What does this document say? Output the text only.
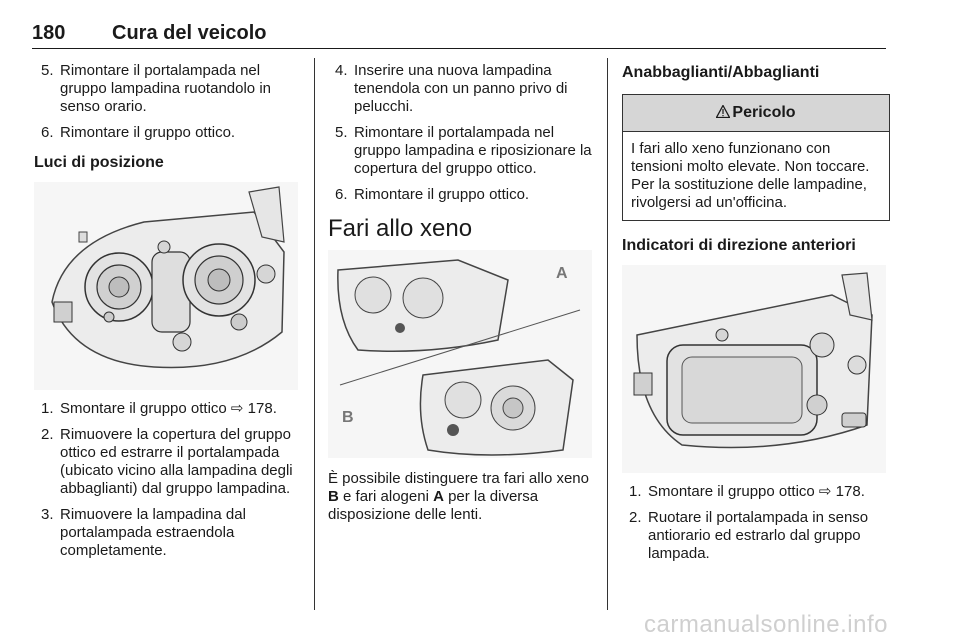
180 Cura del veicolo
5. Rimontare il portalampada nel gruppo lampadina ruotandolo in senso orario.
6. Rimontare il gruppo ottico.
Luci di posizione
1. Smontare il gruppo ottico ⇨ 178.
2. Rimuovere la copertura del gruppo ottico ed estrarre il portalampada (ubicato vicino alla lampadina degli abbaglianti) dal gruppo lampadina.
3. Rimuovere la lampadina dal portalampada estraendola completamente.
4. Inserire una nuova lampadina tenendola con un panno privo di pelucchi.
5. Rimontare il portalampada nel gruppo lampadina e riposizionare la copertura del gruppo ottico.
6. Rimontare il gruppo ottico.
Fari allo xeno
A
B

È possibile distinguere tra fari allo xeno B e fari alogeni A per la diversa disposizione delle lenti.

Anabbaglianti/Abbaglianti
Pericolo
I fari allo xeno funzionano con tensioni molto elevate. Non toccare. Per la sostituzione delle lampadine, rivolgersi ad un'officina.
Indicatori di direzione anteriori
1. Smontare il gruppo ottico ⇨ 178.
2. Ruotare il portalampada in senso antiorario ed estrarlo dal gruppo lampada.
carmanualsonline.info
